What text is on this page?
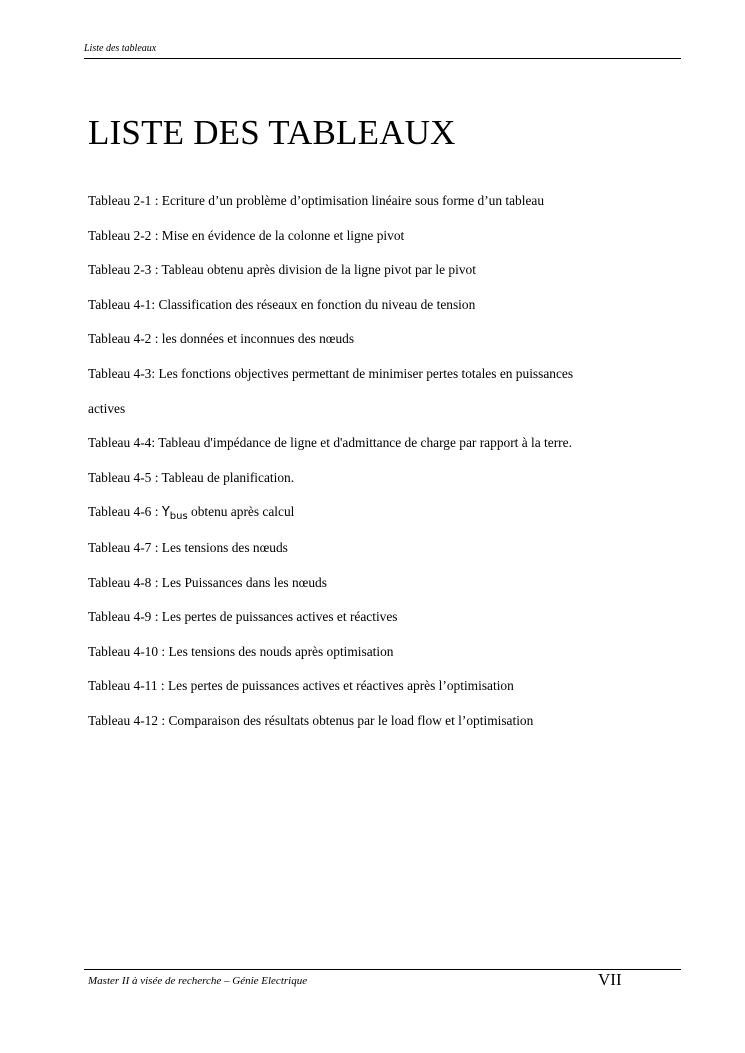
Liste des tableaux
LISTE DES TABLEAUX
Tableau 2-1 : Ecriture d’un problème d’optimisation linéaire sous forme d’un tableau
Tableau 2-2 : Mise en évidence de la colonne et ligne pivot
Tableau 2-3 : Tableau obtenu après division de la ligne pivot par le pivot
Tableau 4-1: Classification des réseaux en fonction du niveau de tension
Tableau 4-2 : les données et inconnues des nœuds
Tableau 4-3: Les fonctions objectives permettant de minimiser pertes totales en puissances
actives
Tableau 4-4: Tableau d'impédance de ligne et d'admittance de charge par rapport à la terre.
Tableau 4-5 : Tableau de planification.
Tableau 4-6 : $Y_{bus}$ obtenu après calcul
Tableau 4-7 : Les tensions des nœuds
Tableau 4-8 : Les Puissances dans les nœuds
Tableau 4-9 : Les pertes de puissances actives et réactives
Tableau 4-10 : Les tensions des nouds après optimisation
Tableau 4-11 : Les pertes de puissances actives et réactives après l’optimisation
Tableau 4-12 : Comparaison des résultats obtenus par le load flow et l’optimisation
Master II à visée de recherche – Génie Electrique	VII
